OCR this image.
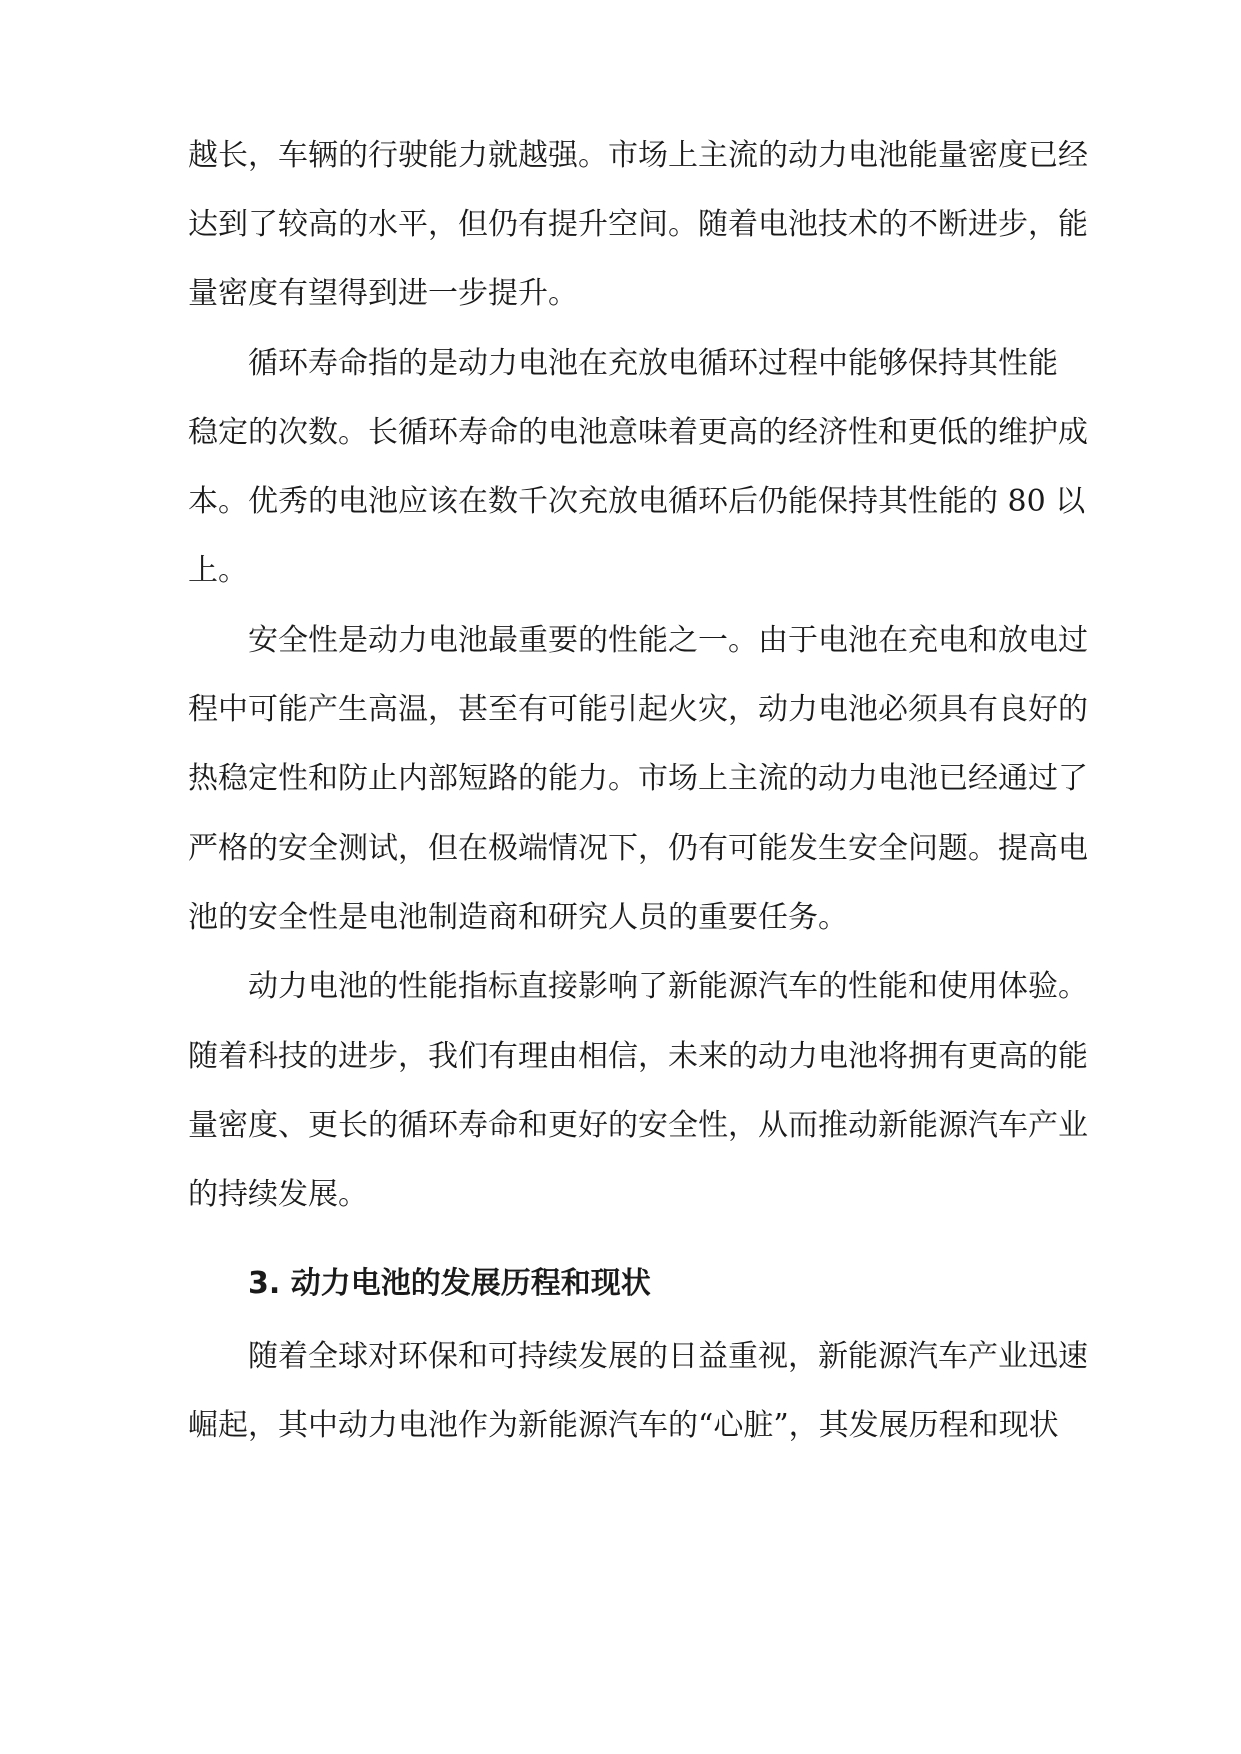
越长，车辆的行驶能力就越强。市场上主流的动力电池能量密度已经
达到了较高的水平，但仍有提升空间。随着电池技术的不断进步，能
量密度有望得到进一步提升。
循环寿命指的是动力电池在充放电循环过程中能够保持其性能
稳定的次数。长循环寿命的电池意味着更高的经济性和更低的维护成
本。优秀的电池应该在数千次充放电循环后仍能保持其性能的 80 以
上。
安全性是动力电池最重要的性能之一。由于电池在充电和放电过
程中可能产生高温，甚至有可能引起火灾，动力电池必须具有良好的
热稳定性和防止内部短路的能力。市场上主流的动力电池已经通过了
严格的安全测试，但在极端情况下，仍有可能发生安全问题。提高电
池的安全性是电池制造商和研究人员的重要任务。
动力电池的性能指标直接影响了新能源汽车的性能和使用体验。
随着科技的进步，我们有理由相信，未来的动力电池将拥有更高的能
量密度、更长的循环寿命和更好的安全性，从而推动新能源汽车产业
的持续发展。
3. 动力电池的发展历程和现状
随着全球对环保和可持续发展的日益重视，新能源汽车产业迅速
崛起，其中动力电池作为新能源汽车的“心脏”，其发展历程和现状
